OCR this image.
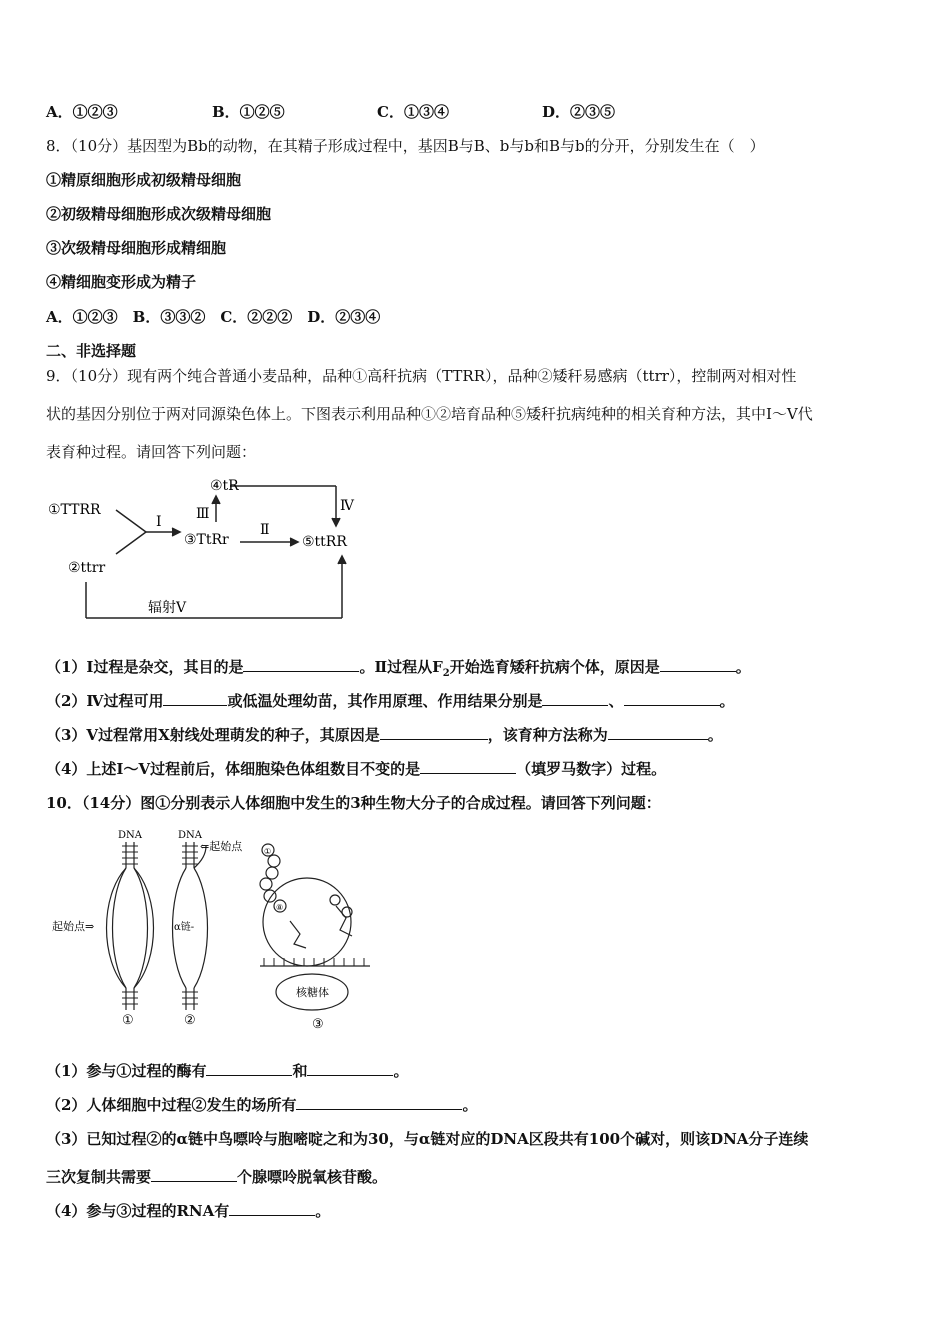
A．①②③	B．①②⑤	C．①③④	D．②③⑤
8．（10分）基因型为Bb的动物，在其精子形成过程中，基因B与B、b与b和B与b的分开，分别发生在（　）
①精原细胞形成初级精母细胞
②初级精母细胞形成次级精母细胞
③次级精母细胞形成精细胞
④精细胞变形成为精子
A．①②③　B．③③②　C．②②②　D．②③④
二、非选择题
9．（10分）现有两个纯合普通小麦品种，品种①高秆抗病（TTRR），品种②矮秆易感病（ttrr），控制两对相对性
状的基因分别位于两对同源染色体上。下图表示利用品种①②培育品种⑤矮秆抗病纯种的相关育种方法，其中Ⅰ～Ⅴ代
表育种过程。请回答下列问题：
①TTRR
②ttrr
③TtRr
④tR
⑤ttRR
Ⅰ	Ⅱ
Ⅲ	Ⅳ
辐射Ⅴ
（1）Ⅰ过程是杂交，其目的是	。Ⅱ过程从$F_2$开始选育矮秆抗病个体，原因是	。
（2）Ⅳ过程可用	或低温处理幼苗，其作用原理、作用结果分别是	、	。
（3）Ⅴ过程常用X射线处理萌发的种子，其原因是	，该育种方法称为	。
（4）上述Ⅰ～Ⅴ过程前后，体细胞染色体组数目不变的是	（填罗马数字）过程。
10．（14分）图①分别表示人体细胞中发生的3种生物大分子的合成过程。请回答下列问题：
DNA	DNA
起始点⇒
⇐起始点
α链-
核糖体
①	②	③
①
⑧
（1）参与①过程的酶有	和	。
（2）人体细胞中过程②发生的场所有	。
（3）已知过程②的α链中鸟嘌呤与胞嘧啶之和为30，与α链对应的DNA区段共有100个碱对，则该DNA分子连续
三次复制共需要	个腺嘌呤脱氧核苷酸。
（4）参与③过程的RNA有	。
